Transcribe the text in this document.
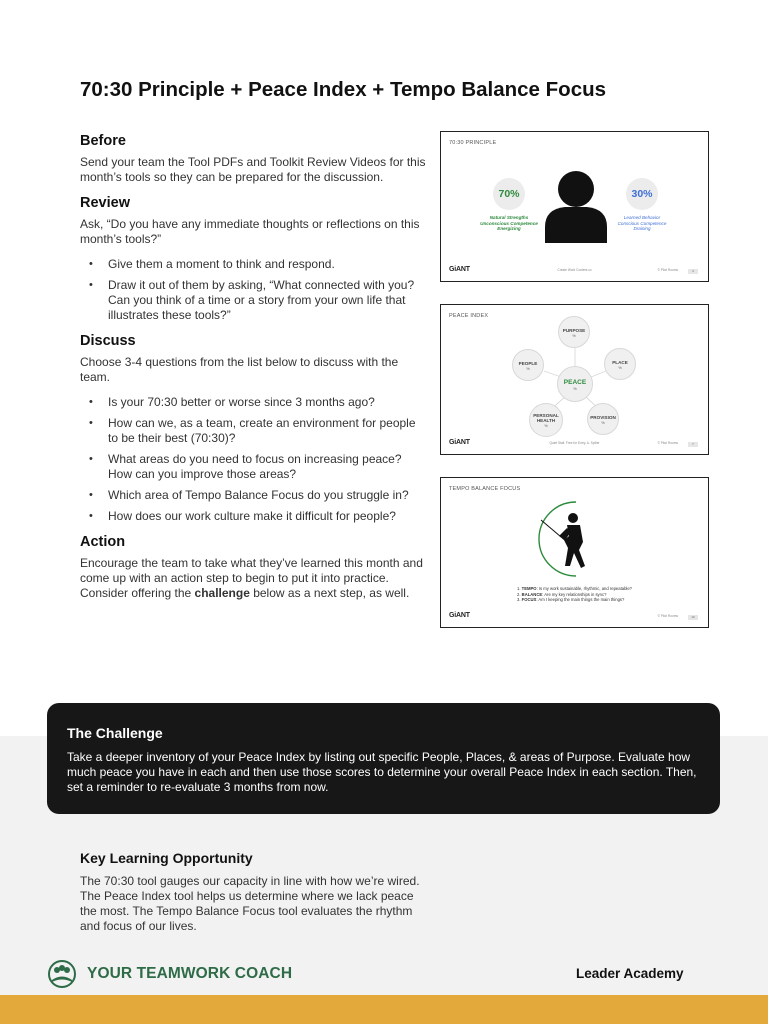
70:30 Principle + Peace Index + Tempo Balance Focus
Before

Send your team the Tool PDFs and Toolkit Review Videos for this month’s tools so they can be prepared for the discussion.

Review

Ask, “Do you have any immediate thoughts or reflections on this month’s tools?”

• Give them a moment to think and respond.
• Draw it out of them by asking, “What connected with you? Can you think of a time or a story from your own life that illustrates these tools?”
Discuss

Choose 3-4 questions from the list below to discuss with the team.

• Is your 70:30 better or worse since 3 months ago?
• How can we, as a team, create an environment for people to be their best (70:30)?
• What areas do you need to focus on increasing peace? How can you improve those areas?
• Which area of Tempo Balance Focus do you struggle in?
• How does our work culture make it difficult for people?
Action

Encourage the team to take what they’ve learned this month and come up with an action step to begin to put it into practice. Consider offering the challenge below as a next step, as well.

70:30 PRINCIPLE
70%
Natural Strengths
Unconscious Competence
Energizing
30%
Learned Behavior
Conscious Competence
Draining
GiANT	Create Work Content.co	© Pilot Rooms	3
PEACE INDEX
PURPOSE
%
PEOPLE
%
PLACE
%
PERSONAL HEALTH
%
PROVISION
%
PEACE
%
GiANT	Quiet Stall. Free for Entry. A. Spiller	© Pilot Rooms	7
TEMPO BALANCE FOCUS
1. TEMPO: Is my work sustainable, rhythmic, and repeatable?
2. BALANCE: Are my key relationships in sync?
3. FOCUS: Am I keeping the main things the main things?
GiANT	© Pilot Rooms	10
The Challenge

Take a deeper inventory of your Peace Index by listing out specific People, Places, & areas of Purpose. Evaluate how much peace you have in each and then use those scores to determine your overall Peace Index in each section. Then, set a reminder to re-evaluate 3 months from now.

Key Learning Opportunity

The 70:30 tool gauges our capacity in line with how we’re wired. The Peace Index tool helps us determine where we lack peace the most. The Tempo Balance Focus tool evaluates the rhythm and focus of our lives.

YOUR TEAMWORK COACH	Leader Academy
